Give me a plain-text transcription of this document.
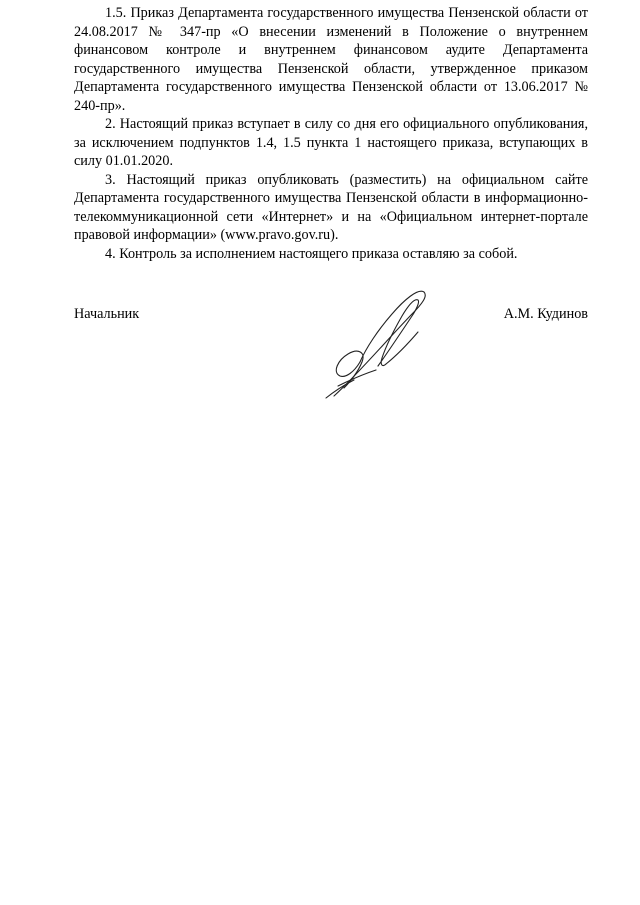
1.5. Приказ Департамента государственного имущества Пензенской области от 24.08.2017 № 347-пр «О внесении изменений в Положение о внутреннем финансовом контроле и внутреннем финансовом аудите Департамента государственного имущества Пензенской области, утвержденное приказом Департамента государственного имущества Пензенской области от 13.06.2017 № 240-пр».

2. Настоящий приказ вступает в силу со дня его официального опубликования, за исключением подпунктов 1.4, 1.5 пункта 1 настоящего приказа, вступающих в силу 01.01.2020.

3. Настоящий приказ опубликовать (разместить) на официальном сайте Департамента государственного имущества Пензенской области в информационно-телекоммуникационной сети «Интернет» и на «Официальном интернет-портале правовой информации» (www.pravo.gov.ru).

4. Контроль за исполнением настоящего приказа оставляю за собой.

Начальник	А.М. Кудинов
